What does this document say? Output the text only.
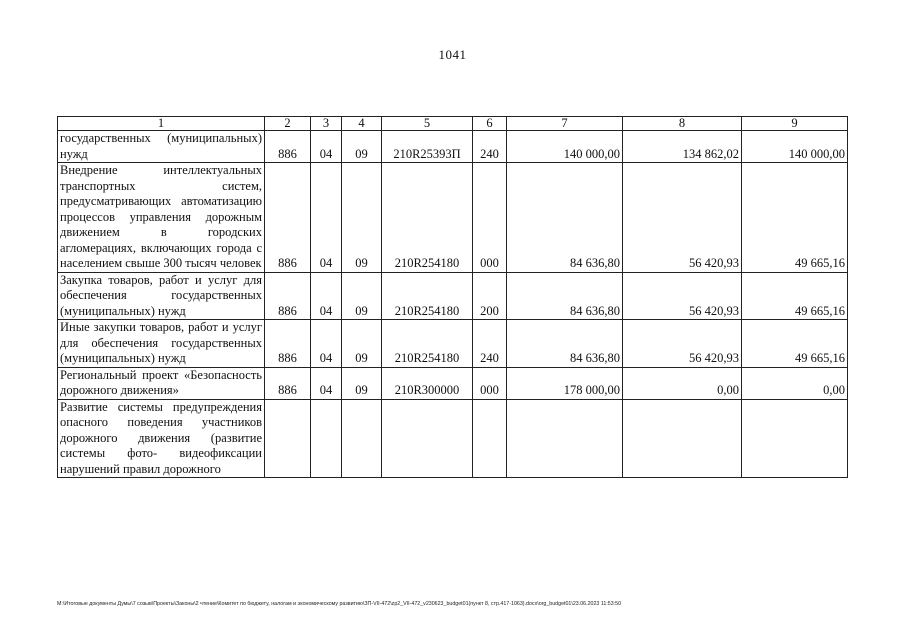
1041
1	2	3	4	5	6	7	8	9
государственных (муниципальных) нужд	886	04	09	210R25393П	240	140 000,00	134 862,02	140 000,00
Внедрение интеллектуальных транспортных систем, предусматривающих автоматизацию процессов управления дорожным движением в городских агломерациях, включающих города с населением свыше 300 тысяч человек	886	04	09	210R254180	000	84 636,80	56 420,93	49 665,16
Закупка товаров, работ и услуг для обеспечения государственных (муниципальных) нужд	886	04	09	210R254180	200	84 636,80	56 420,93	49 665,16
Иные закупки товаров, работ и услуг для обеспечения государственных (муниципальных) нужд	886	04	09	210R254180	240	84 636,80	56 420,93	49 665,16
Региональный проект «Безопасность дорожного движения»	886	04	09	210R300000	000	178 000,00	0,00	0,00
Развитие системы предупреждения опасного поведения участников дорожного движения (развитие системы фото- видеофиксации нарушений правил дорожного								
М:\Итоговые документы Думы\7 созыв\Проекты\Законы\2 чтение\Комитет по бюджету, налогам и экономическому развитию\ЗП-VII-472\zp2_VII-472_v230623_budget01(пункт 8, стр.417-1063).docx\org_budget01\23.06.2023 11:53:50
